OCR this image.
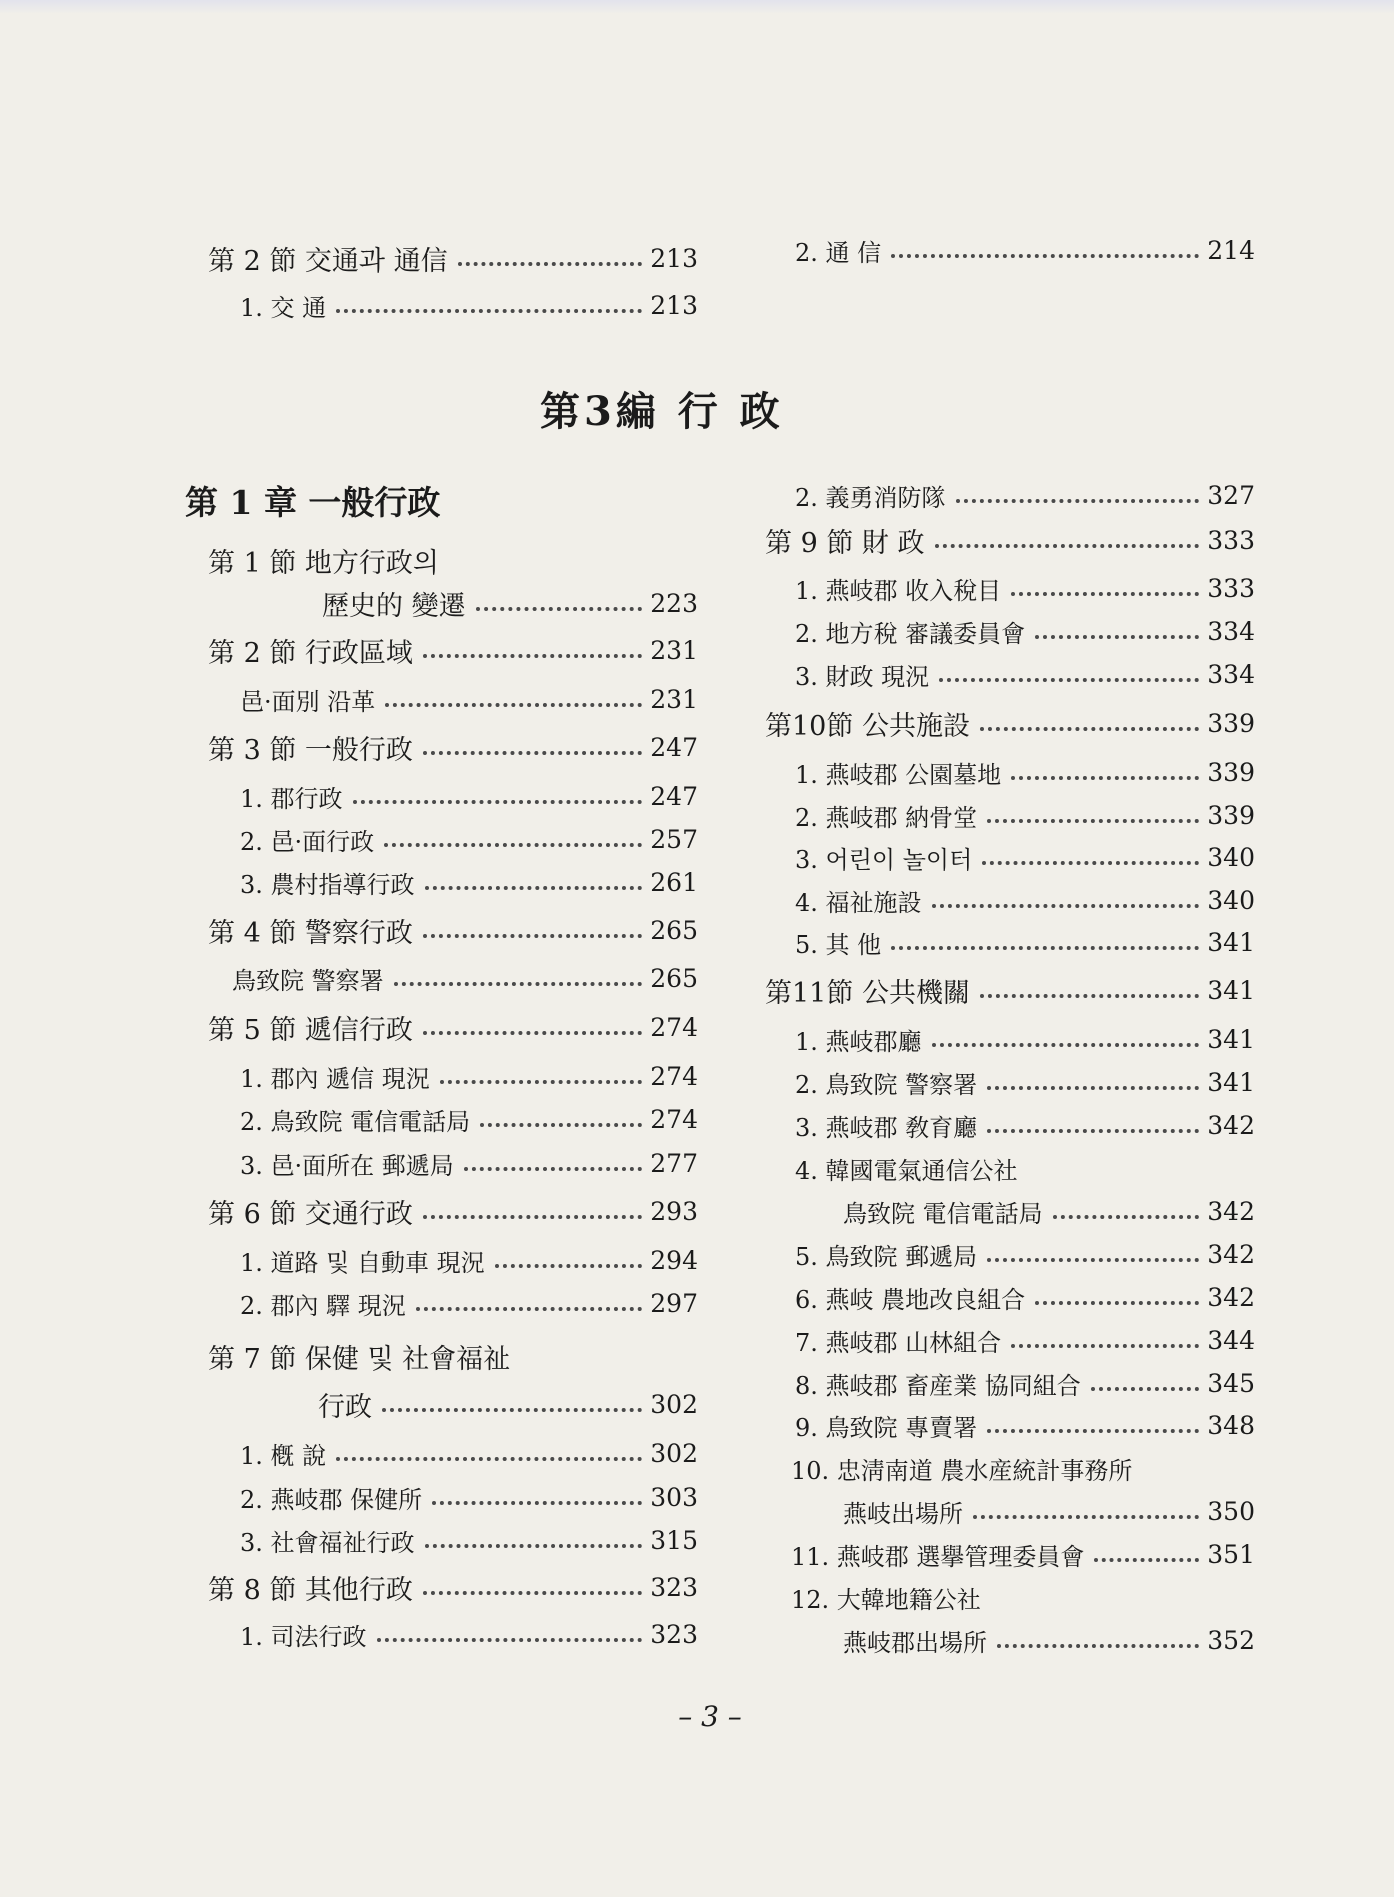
第 2 節 交通과 通信	213
1. 交 通	213
2. 通 信	214
第3編 行 政
第 1 章 一般行政
第 1 節 地方行政의
歷史的 變遷	223
第 2 節 行政區域	231
邑·面別 沿革	231
第 3 節 一般行政	247
1. 郡行政	247
2. 邑·面行政	257
3. 農村指導行政	261
第 4 節 警察行政	265
鳥致院 警察署	265
第 5 節 遞信行政	274
1. 郡內 遞信 現況	274
2. 鳥致院 電信電話局	274
3. 邑·面所在 郵遞局	277
第 6 節 交通行政	293
1. 道路 및 自動車 現況	294
2. 郡內 驛 現況	297
第 7 節 保健 및 社會福祉
行政	302
1. 槪 說	302
2. 燕岐郡 保健所	303
3. 社會福祉行政	315
第 8 節 其他行政	323
1. 司法行政	323
2. 義勇消防隊	327
第 9 節 財 政	333
1. 燕岐郡 收入稅目	333
2. 地方稅 審議委員會	334
3. 財政 現況	334
第10節 公共施設	339
1. 燕岐郡 公園墓地	339
2. 燕岐郡 納骨堂	339
3. 어린이 놀이터	340
4. 福祉施設	340
5. 其 他	341
第11節 公共機關	341
1. 燕岐郡廳	341
2. 鳥致院 警察署	341
3. 燕岐郡 敎育廳	342
4. 韓國電氣通信公社
鳥致院 電信電話局	342
5. 鳥致院 郵遞局	342
6. 燕岐 農地改良組合	342
7. 燕岐郡 山林組合	344
8. 燕岐郡 畜産業 協同組合	345
9. 鳥致院 專賣署	348
10. 忠淸南道 農水産統計事務所
燕岐出場所	350
11. 燕岐郡 選擧管理委員會	351
12. 大韓地籍公社
燕岐郡出場所	352
– 3 –
